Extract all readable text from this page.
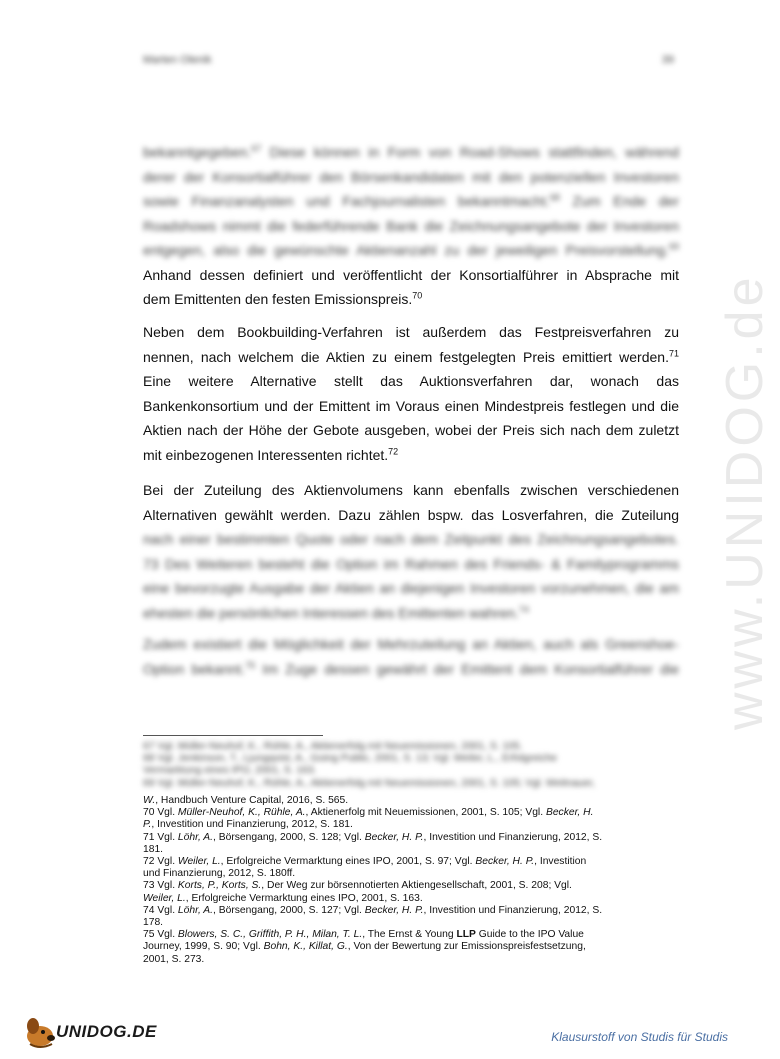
Marten Olenik	39
www.UNIDOG.de
bekanntgegeben.$^{67}$ Diese können in Form von Road-Shows stattfinden, während
derer der Konsortialführer den Börsenkandidaten mit den potenziellen Investoren
sowie Finanzanalysten und Fachjournalisten bekanntmacht.$^{68}$ Zum Ende der
Roadshows nimmt die federführende Bank die Zeichnungsangebote der Investoren
entgegen, also die gewünschte Aktienanzahl zu der jeweiligen Preisvorstellung.$^{69}$
Anhand dessen definiert und veröffentlicht der Konsortialführer in Absprache mit
dem Emittenten den festen Emissionspreis.$^{70}$
Neben dem Bookbuilding-Verfahren ist außerdem das Festpreisverfahren zu
nennen, nach welchem die Aktien zu einem festgelegten Preis emittiert werden.$^{71}$
Eine weitere Alternative stellt das Auktionsverfahren dar, wonach das
Bankenkonsortium und der Emittent im Voraus einen Mindestpreis festlegen und die
Aktien nach der Höhe der Gebote ausgeben, wobei der Preis sich nach dem zuletzt
mit einbezogenen Interessenten richtet.$^{72}$
Bei der Zuteilung des Aktienvolumens kann ebenfalls zwischen verschiedenen
Alternativen gewählt werden. Dazu zählen bspw. das Losverfahren, die Zuteilung
nach einer bestimmten Quote oder nach dem Zeitpunkt des Zeichnungsangebotes.
73 Des Weiteren besteht die Option im Rahmen des Friends- & Familyprogramms
eine bevorzugte Ausgabe der Aktien an diejenigen Investoren vorzunehmen, die am
ehesten die persönlichen Interessen des Emittenten wahren.$^{74}$
Zudem existiert die Möglichkeit der Mehrzuteilung an Aktien, auch als Greenshoe-
Option bekannt.$^{75}$ Im Zuge dessen gewährt der Emittent dem Konsortialführer die
67 Vgl. Müller-Neuhof, K., Rühle, A., Aktienerfolg mit Neuemissionen, 2001, S. 105.
68 Vgl. Jenkinson, T., Ljungqvist, A., Going Public, 2001, S. 13; Vgl. Weiler, L., Erfolgreiche
Vermarktung eines IPO, 2001, S. 163.
69 Vgl. Müller-Neuhof, K., Rühle, A., Aktienerfolg mit Neuemissionen, 2001, S. 105; Vgl. Weitnauer,
W., Handbuch Venture Capital, 2016, S. 565.
70 Vgl. Müller-Neuhof, K., Rühle, A., Aktienerfolg mit Neuemissionen, 2001, S. 105; Vgl. Becker, H.
P., Investition und Finanzierung, 2012, S. 181.
71 Vgl. Löhr, A., Börsengang, 2000, S. 128; Vgl. Becker, H. P., Investition und Finanzierung, 2012, S.
181.
72 Vgl. Weiler, L., Erfolgreiche Vermarktung eines IPO, 2001, S. 97; Vgl. Becker, H. P., Investition
und Finanzierung, 2012, S. 180ff.
73 Vgl. Korts, P., Korts, S., Der Weg zur börsennotierten Aktiengesellschaft, 2001, S. 208; Vgl.
Weiler, L., Erfolgreiche Vermarktung eines IPO, 2001, S. 163.
74 Vgl. Löhr, A., Börsengang, 2000, S. 127; Vgl. Becker, H. P., Investition und Finanzierung, 2012, S.
178.
75 Vgl. Blowers, S. C., Griffith, P. H., Milan, T. L., The Ernst & Young LLP Guide to the IPO Value
Journey, 1999, S. 90; Vgl. Bohn, K., Killat, G., Von der Bewertung zur Emissionspreisfestsetzung,
2001, S. 273.
UNIDOG.DE	Klausurstoff von Studis für Studis
